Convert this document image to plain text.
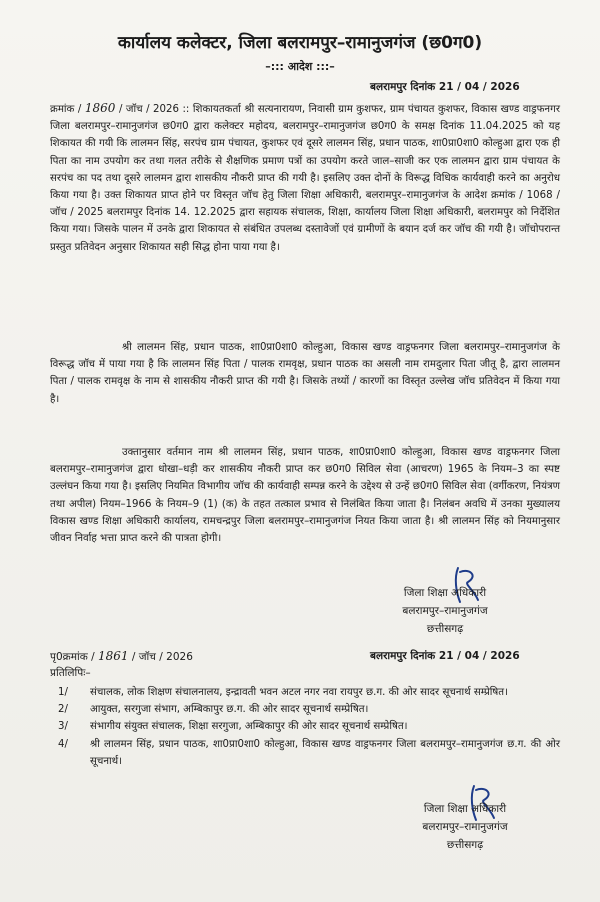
कार्यालय कलेक्टर, जिला बलरामपुर–रामानुजगंज (छ0ग0)
–::: आदेश :::–
बलरामपुर दिनांक 21 / 04 / 2026
क्रमांक / 1860 / जॉच / 2026 :: शिकायतकर्ता श्री सत्यनारायण, निवासी ग्राम कुशफर, ग्राम पंचायत कुशफर, विकास खण्ड वाड्रफनगर जिला बलरामपुर–रामानुजगंज छ0ग0 द्वारा कलेक्टर महोदय, बलरामपुर–रामानुजगंज छ0ग0 के समक्ष दिनांक 11.04.2025 को यह शिकायत की गयी कि लालमन सिंह, सरपंच ग्राम पंचायत, कुशफर एवं दूसरे लालमन सिंह, प्रधान पाठक, शा0प्रा0शा0 कोल्हुआ द्वारा एक ही पिता का नाम उपयोग कर तथा गलत तरीके से शैक्षणिक प्रमाण पत्रों का उपयोग करते जाल–साजी कर एक लालमन द्वारा ग्राम पंचायत के सरपंच का पद तथा दूसरे लालमन द्वारा शासकीय नौकरी प्राप्त की गयी है। इसलिए उक्त दोनों के विरूद्ध विधिक कार्यवाही करने का अनुरोध किया गया है। उक्त शिकायत प्राप्त होने पर विस्तृत जॉच हेतु जिला शिक्षा अधिकारी, बलरामपुर–रामानुजगंज के आदेश क्रमांक / 1068 / जॉच / 2025 बलरामपुर दिनांक 14. 12.2025 द्वारा सहायक संचालक, शिक्षा, कार्यालय जिला शिक्षा अधिकारी, बलरामपुर को निर्देशित किया गया। जिसके पालन में उनके द्वारा शिकायत से संबंधित उपलब्ध दस्तावेजों एवं ग्रामीणों के बयान दर्ज कर जॉच की गयी है। जॉचोपरान्त प्रस्तुत प्रतिवेदन अनुसार शिकायत सही सिद्ध होना पाया गया है।
श्री लालमन सिंह, प्रधान पाठक, शा0प्रा0शा0 कोल्हुआ, विकास खण्ड वाड्रफनगर जिला बलरामपुर–रामानुजगंज के विरूद्ध जॉच में पाया गया है कि लालमन सिंह पिता / पालक रामवृक्ष, प्रधान पाठक का असली नाम रामदुलार पिता जीतू है, द्वारा लालमन पिता / पालक रामवृक्ष के नाम से शासकीय नौकरी प्राप्त की गयी है। जिसके तथ्यों / कारणों का विस्तृत उल्लेख जॉच प्रतिवेदन में किया गया है।
उक्तानुसार वर्तमान नाम श्री लालमन सिंह, प्रधान पाठक, शा0प्रा0शा0 कोल्हुआ, विकास खण्ड वाड्रफनगर जिला बलरामपुर–रामानुजगंज द्वारा धोखा–धड़ी कर शासकीय नौकरी प्राप्त कर छ0ग0 सिविल सेवा (आचरण) 1965 के नियम–3 का स्पष्ट उल्लंघन किया गया है। इसलिए नियमित विभागीय जॉच की कार्यवाही सम्पन्न करने के उद्देश्य से उन्हें छ0ग0 सिविल सेवा (वर्गीकरण, नियंत्रण तथा अपील) नियम–1966 के नियम–9 (1) (क) के तहत तत्काल प्रभाव से निलंबित किया जाता है। निलंबन अवधि में उनका मुख्यालय विकास खण्ड शिक्षा अधिकारी कार्यालय, रामचन्द्रपुर जिला बलरामपुर–रामानुजगंज नियत किया जाता है। श्री लालमन सिंह को नियमानुसार जीवन निर्वाह भत्ता प्राप्त करने की पात्रता होगी।
जिला शिक्षा अधिकारी
बलरामपुर–रामानुजगंज
छत्तीसगढ़
पृ0क्रमांक / 1861 / जॉच / 2026	बलरामपुर दिनांक 21 / 04 / 2026
प्रतिलिपिः–
1/	संचालक, लोक शिक्षण संचालनालय, इन्द्रावती भवन अटल नगर नवा रायपुर छ.ग. की ओर सादर सूचनार्थ सम्प्रेषित।
2/	आयुक्त, सरगुजा संभाग, अम्बिकापुर छ.ग. की ओर सादर सूचनार्थ सम्प्रेषित।
3/	संभागीय संयुक्त संचालक, शिक्षा सरगुजा, अम्बिकापुर की ओर सादर सूचनार्थ सम्प्रेषित।
4/	श्री लालमन सिंह, प्रधान पाठक, शा0प्रा0शा0 कोल्हुआ, विकास खण्ड वाड्रफनगर जिला बलरामपुर–रामानुजगंज छ.ग. की ओर सूचनार्थ।
जिला शिक्षा अधिकारी
बलरामपुर–रामानुजगंज
छत्तीसगढ़
